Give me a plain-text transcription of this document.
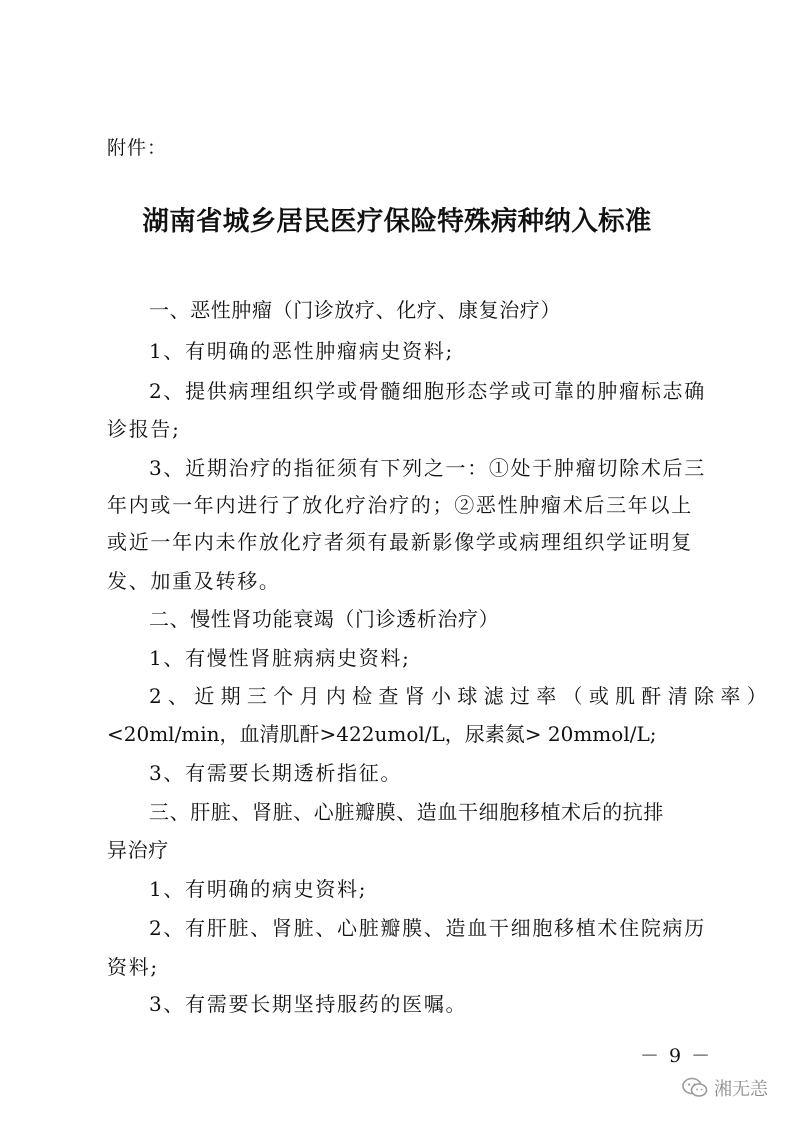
附件：
湖南省城乡居民医疗保险特殊病种纳入标准
一、恶性肿瘤（门诊放疗、化疗、康复治疗）
1、有明确的恶性肿瘤病史资料;
2、提供病理组织学或骨髓细胞形态学或可靠的肿瘤标志确
诊报告;
3、近期治疗的指征须有下列之一：①处于肿瘤切除术后三
年内或一年内进行了放化疗治疗的；②恶性肿瘤术后三年以上
或近一年内未作放化疗者须有最新影像学或病理组织学证明复
发、加重及转移。
二、慢性肾功能衰竭（门诊透析治疗）
1、有慢性肾脏病病史资料;
2、近期三个月内检查肾小球滤过率（或肌酐清除率）
<20ml/min，血清肌酐>422umol/L，尿素氮> 20mmol/L;
3、有需要长期透析指征。
三、肝脏、肾脏、心脏瓣膜、造血干细胞移植术后的抗排
异治疗
1、有明确的病史资料;
2、有肝脏、肾脏、心脏瓣膜、造血干细胞移植术住院病历
资料;
3、有需要长期坚持服药的医嘱。
－ 9 －
湘无恙
